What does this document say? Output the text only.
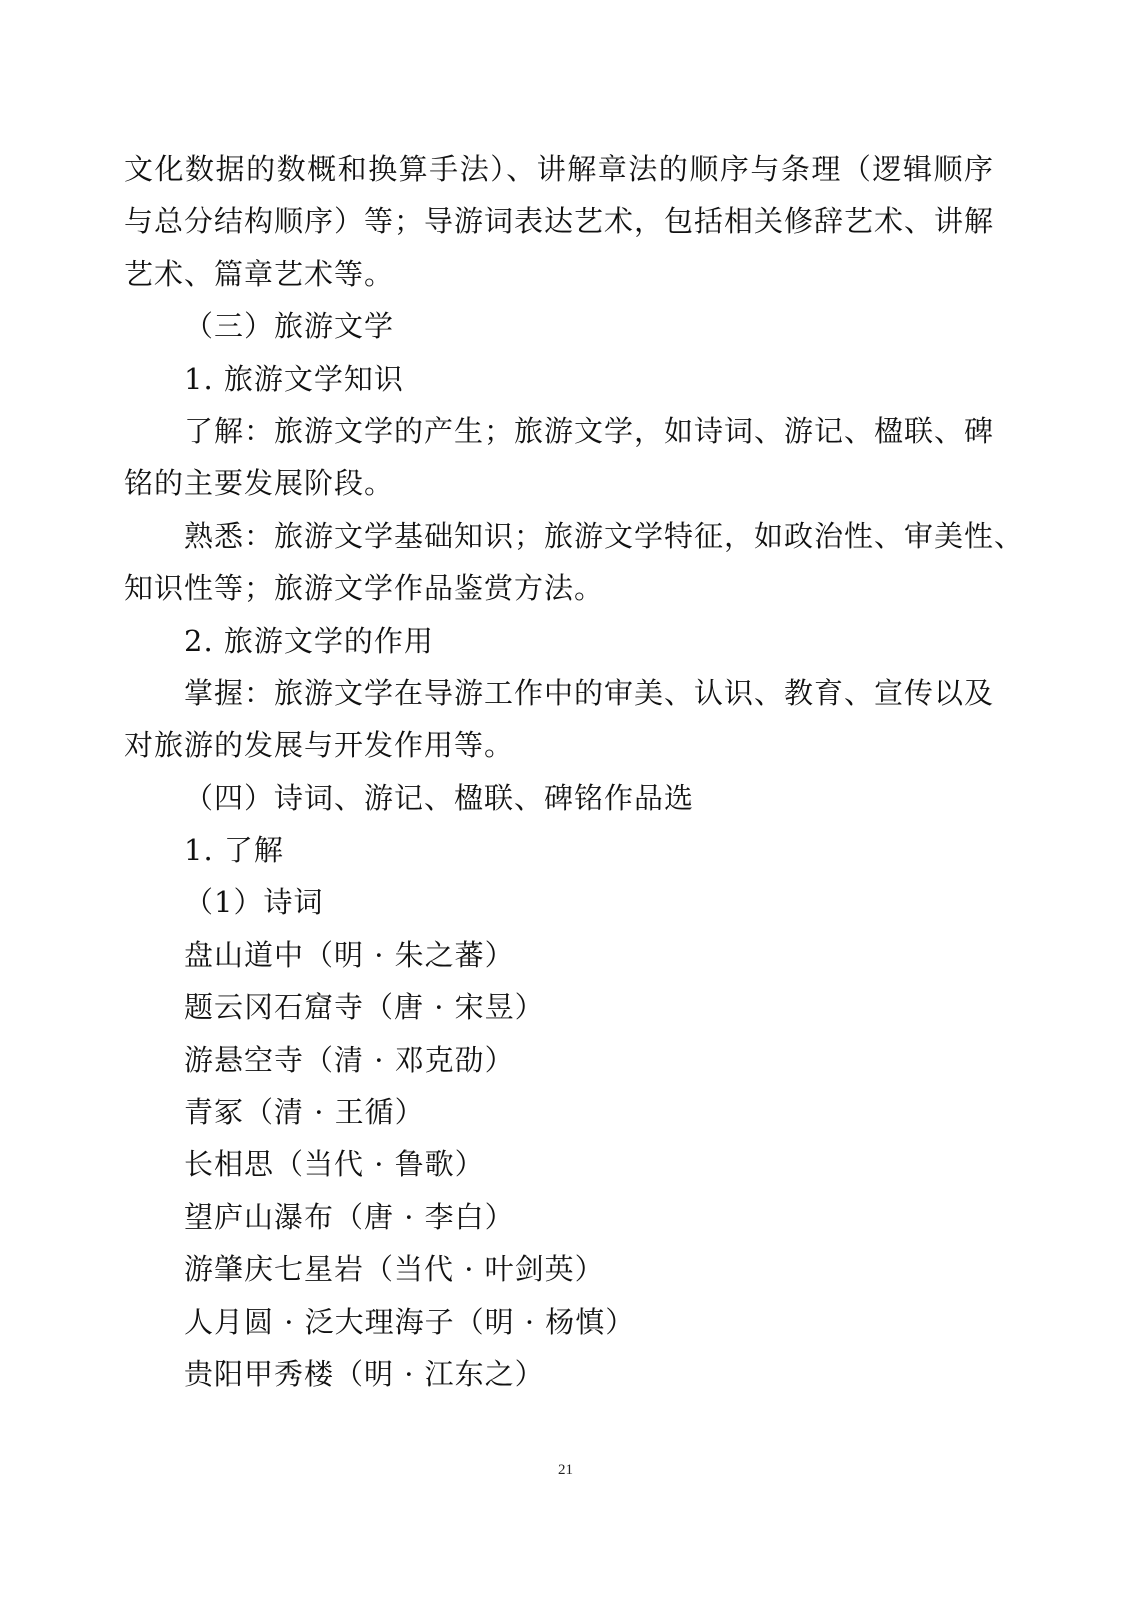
文化数据的数概和换算手法）、讲解章法的顺序与条理（逻辑顺序
与总分结构顺序）等；导游词表达艺术，包括相关修辞艺术、讲解
艺术、篇章艺术等。
（三）旅游文学
1. 旅游文学知识
了解：旅游文学的产生；旅游文学，如诗词、游记、楹联、碑
铭的主要发展阶段。
熟悉：旅游文学基础知识；旅游文学特征，如政治性、审美性、
知识性等；旅游文学作品鉴赏方法。
2. 旅游文学的作用
掌握：旅游文学在导游工作中的审美、认识、教育、宣传以及
对旅游的发展与开发作用等。
（四）诗词、游记、楹联、碑铭作品选
1. 了解
（1）诗词
盘山道中（明 · 朱之蕃）
题云冈石窟寺（唐 · 宋昱）
游悬空寺（清 · 邓克劭）
青冢（清 · 王循）
长相思（当代 · 鲁歌）
望庐山瀑布（唐 · 李白）
游肇庆七星岩（当代 · 叶剑英）
人月圆 · 泛大理海子（明 · 杨慎）
贵阳甲秀楼（明 · 江东之）
21
